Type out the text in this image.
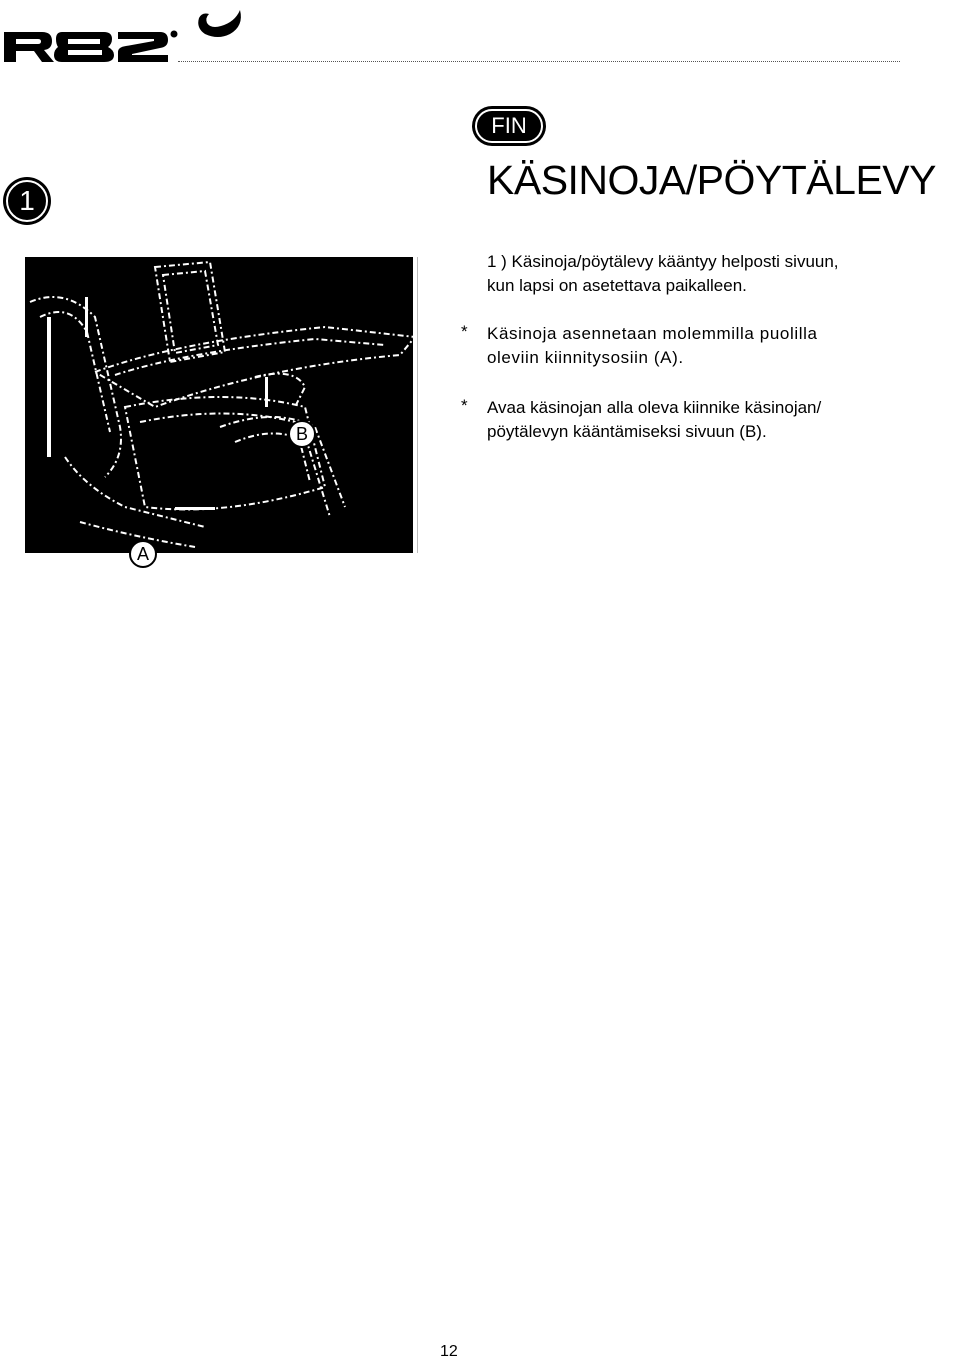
FIN
1	KÄSINOJA/PÖYTÄLEVY
B
A

1 ) Käsinoja/pöytälevy kääntyy helposti sivuun,
kun lapsi on asetettava paikalleen.

* Käsinoja asennetaan molemmilla puolilla
oleviin kiinnitysosiin (A).

* Avaa käsinojan alla oleva kiinnike käsinojan/
pöytälevyn kääntämiseksi sivuun (B).

12
